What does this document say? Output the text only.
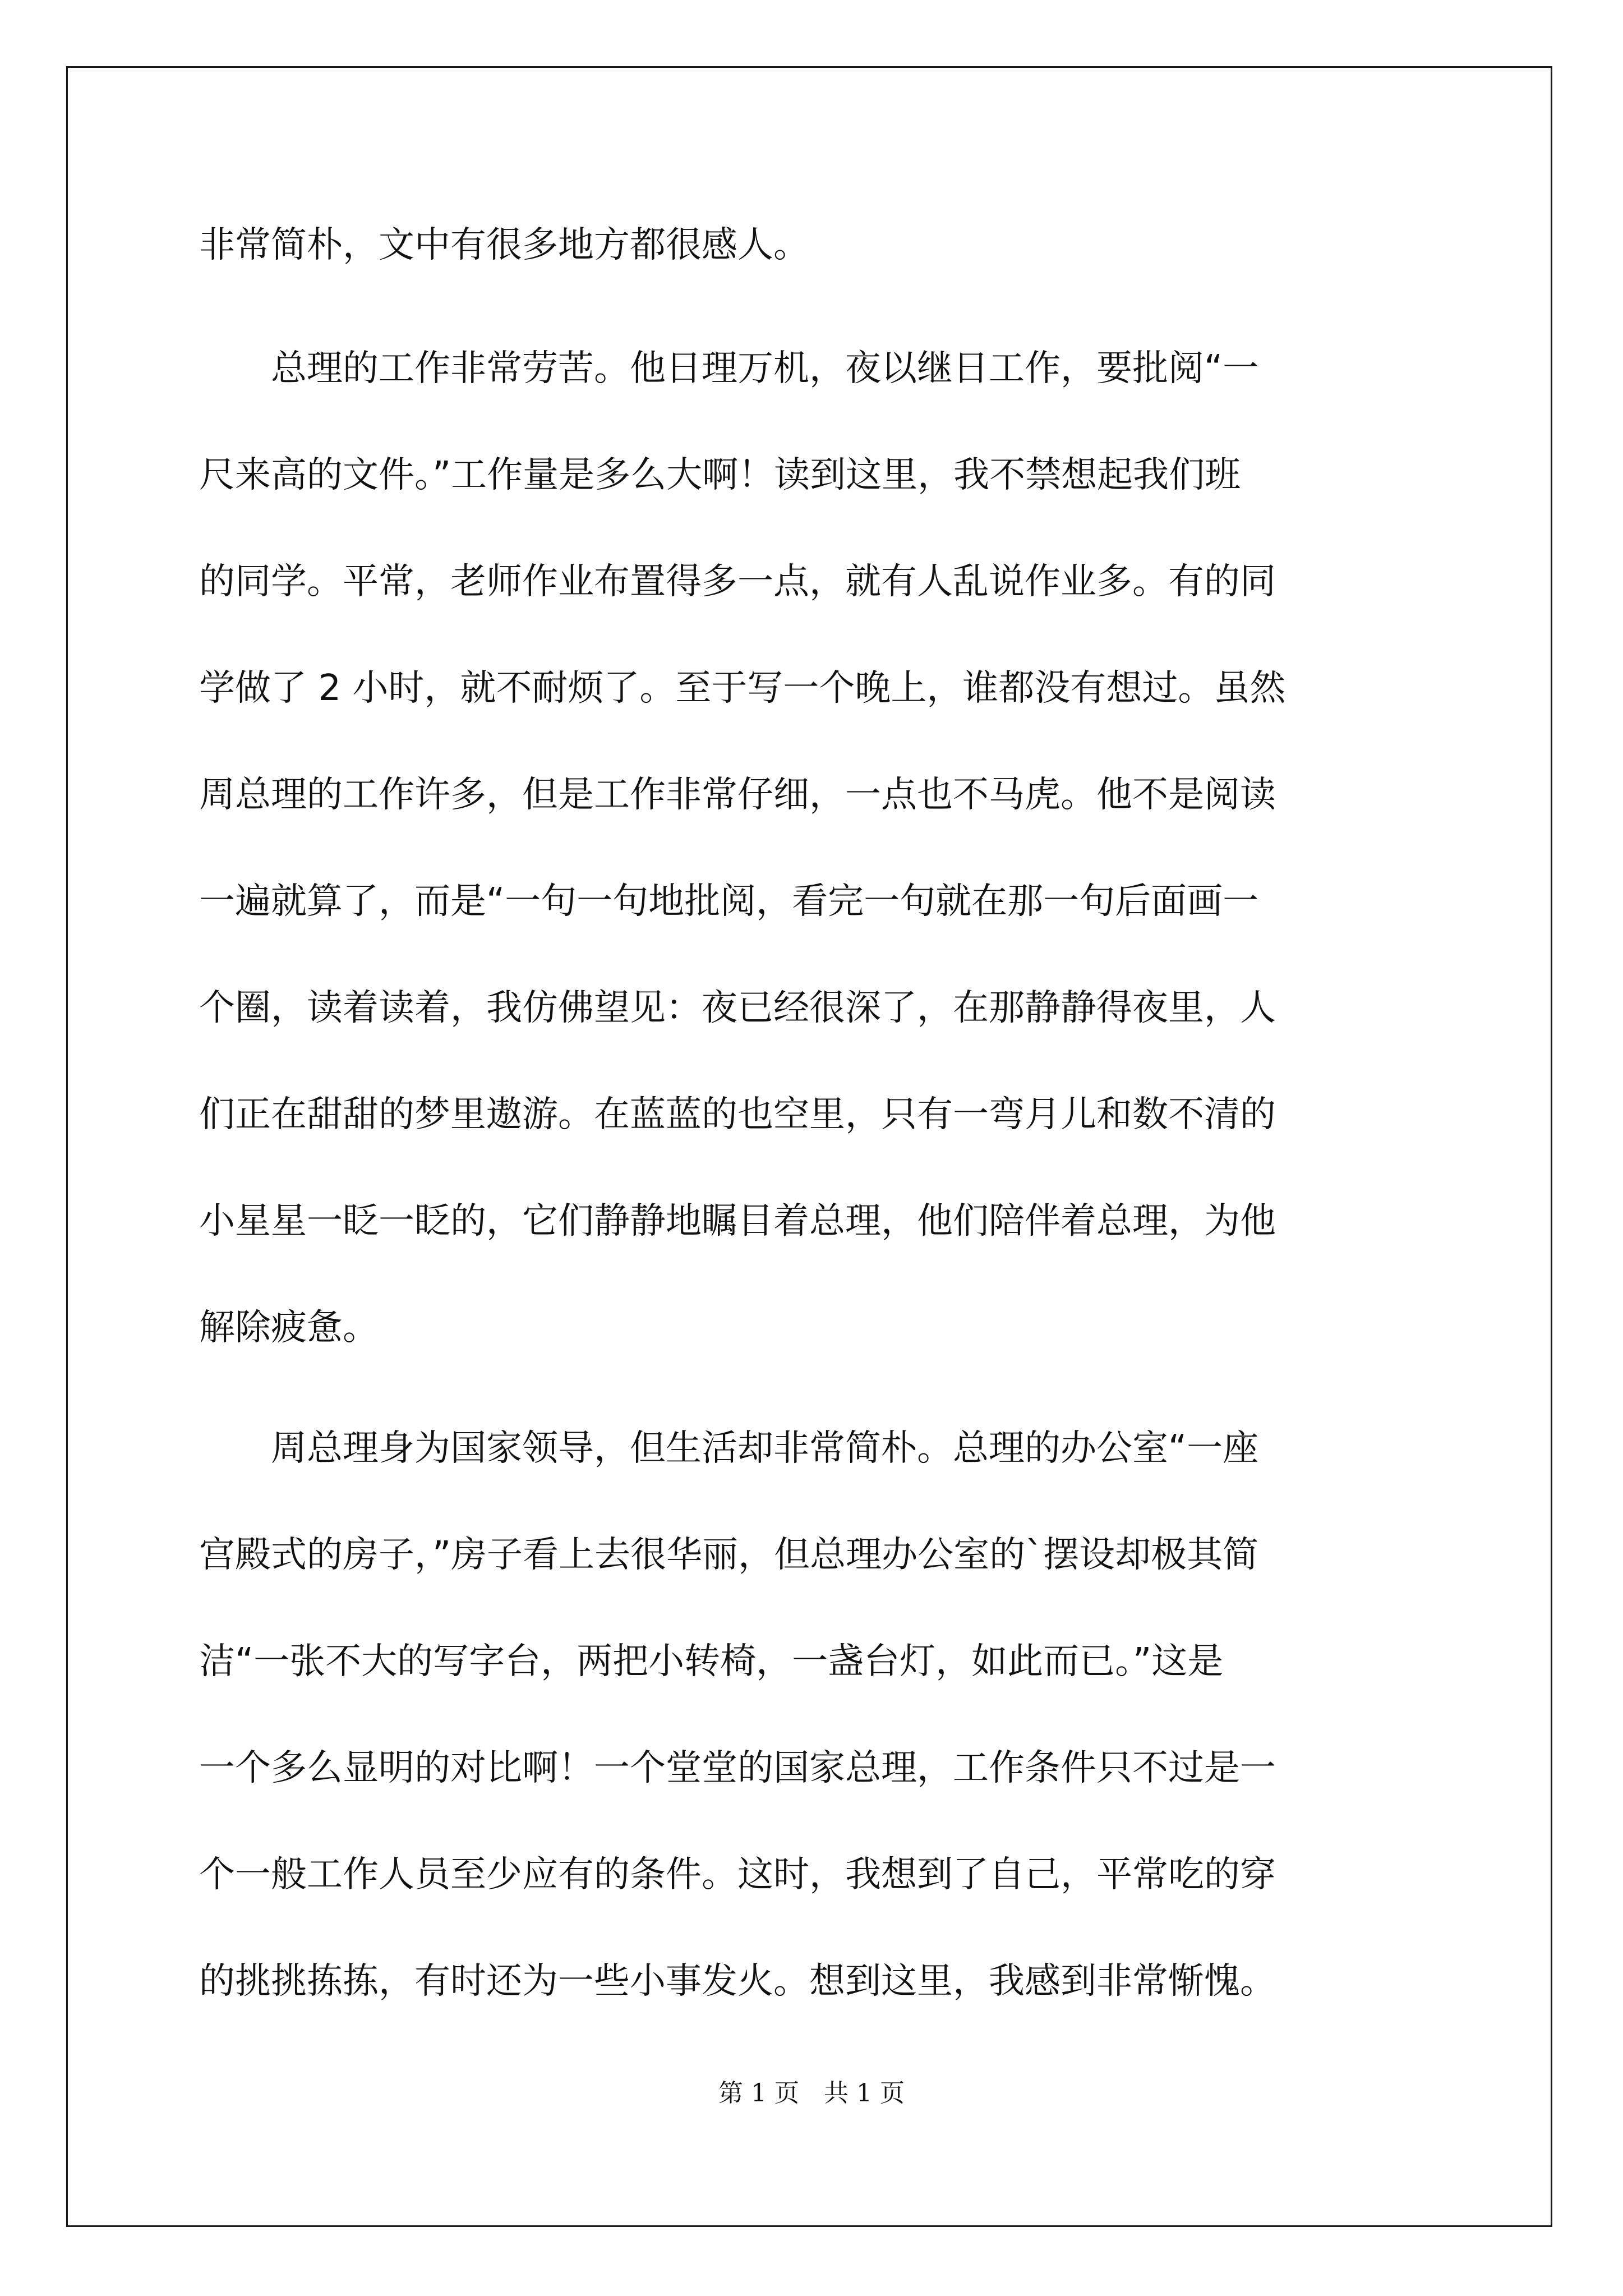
非常简朴，文中有很多地方都很感人。
　　总理的工作非常劳苦。他日理万机，夜以继日工作，要批阅“一
尺来高的文件。”工作量是多么大啊！读到这里，我不禁想起我们班
的同学。平常，老师作业布置得多一点，就有人乱说作业多。有的同
学做了 2 小时，就不耐烦了。至于写一个晚上，谁都没有想过。虽然
周总理的工作许多，但是工作非常仔细，一点也不马虎。他不是阅读
一遍就算了，而是“一句一句地批阅，看完一句就在那一句后面画一
个圈，读着读着，我仿佛望见：夜已经很深了，在那静静得夜里，人
们正在甜甜的梦里遨游。在蓝蓝的也空里，只有一弯月儿和数不清的
小星星一眨一眨的，它们静静地瞩目着总理，他们陪伴着总理，为他
解除疲惫。
　　周总理身为国家领导，但生活却非常简朴。总理的办公室“一座
宫殿式的房子，”房子看上去很华丽，但总理办公室的`摆设却极其简
洁“一张不大的写字台，两把小转椅，一盏台灯，如此而已。”这是
一个多么显明的对比啊！一个堂堂的国家总理，工作条件只不过是一
个一般工作人员至少应有的条件。这时，我想到了自己，平常吃的穿
的挑挑拣拣，有时还为一些小事发火。想到这里，我感到非常惭愧。
第 1 页　共 1 页
